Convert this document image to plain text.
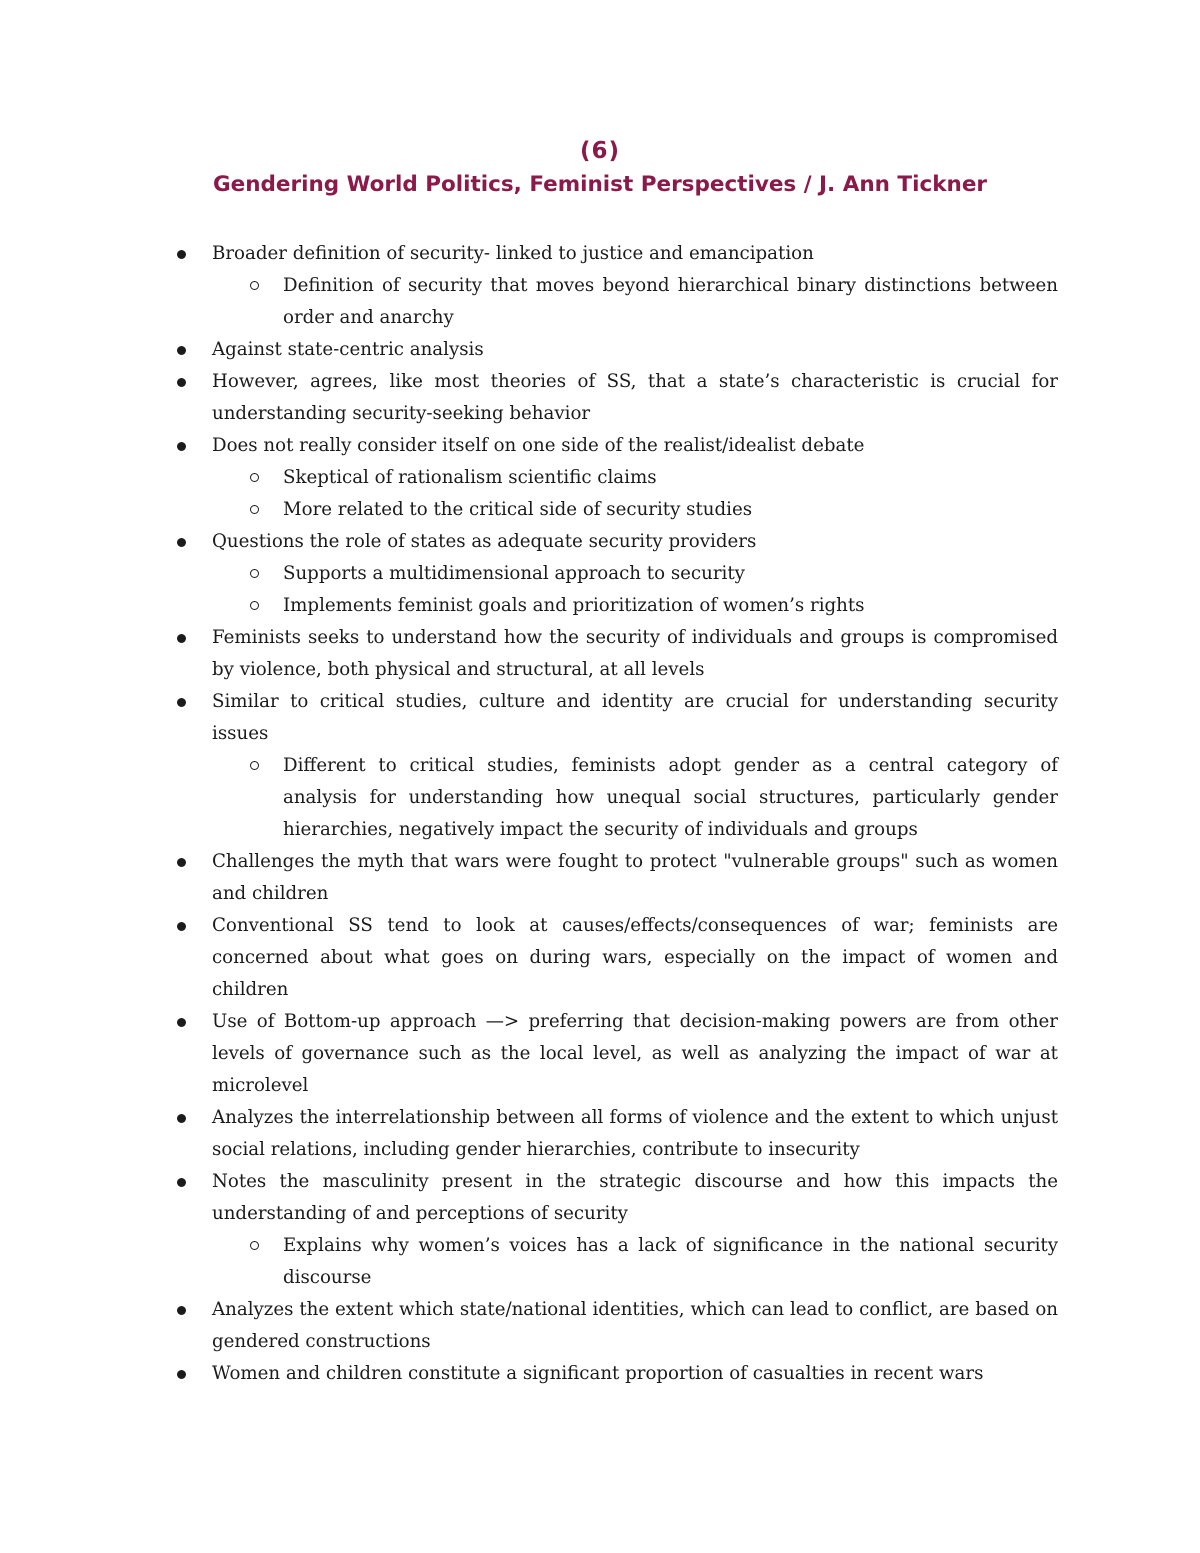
(6)
Gendering World Politics, Feminist Perspectives / J. Ann Tickner
Broader definition of security- linked to justice and emancipation
Definition of security that moves beyond hierarchical binary distinctions between order and anarchy
Against state-centric analysis
However, agrees, like most theories of SS, that a state’s characteristic is crucial for understanding security-seeking behavior
Does not really consider itself on one side of the realist/idealist debate
Skeptical of rationalism scientific claims
More related to the critical side of security studies
Questions the role of states as adequate security providers
Supports a multidimensional approach to security
Implements feminist goals and prioritization of women’s rights
Feminists seeks to understand how the security of individuals and groups is compromised by violence, both physical and structural, at all levels
Similar to critical studies, culture and identity are crucial for understanding security issues
Different to critical studies, feminists adopt gender as a central category of analysis for understanding how unequal social structures, particularly gender hierarchies, negatively impact the security of individuals and groups
Challenges the myth that wars were fought to protect "vulnerable groups" such as women and children
Conventional SS tend to look at causes/effects/consequences of war; feminists are concerned about what goes on during wars, especially on the impact of women and children
Use of Bottom-up approach —> preferring that decision-making powers are from other levels of governance such as the local level, as well as analyzing the impact of war at microlevel
Analyzes the interrelationship between all forms of violence and the extent to which unjust social relations, including gender hierarchies, contribute to insecurity
Notes the masculinity present in the strategic discourse and how this impacts the understanding of and perceptions of security
Explains why women’s voices has a lack of significance in the national security discourse
Analyzes the extent which state/national identities, which can lead to conflict, are based on gendered constructions
Women and children constitute a significant proportion of casualties in recent wars
